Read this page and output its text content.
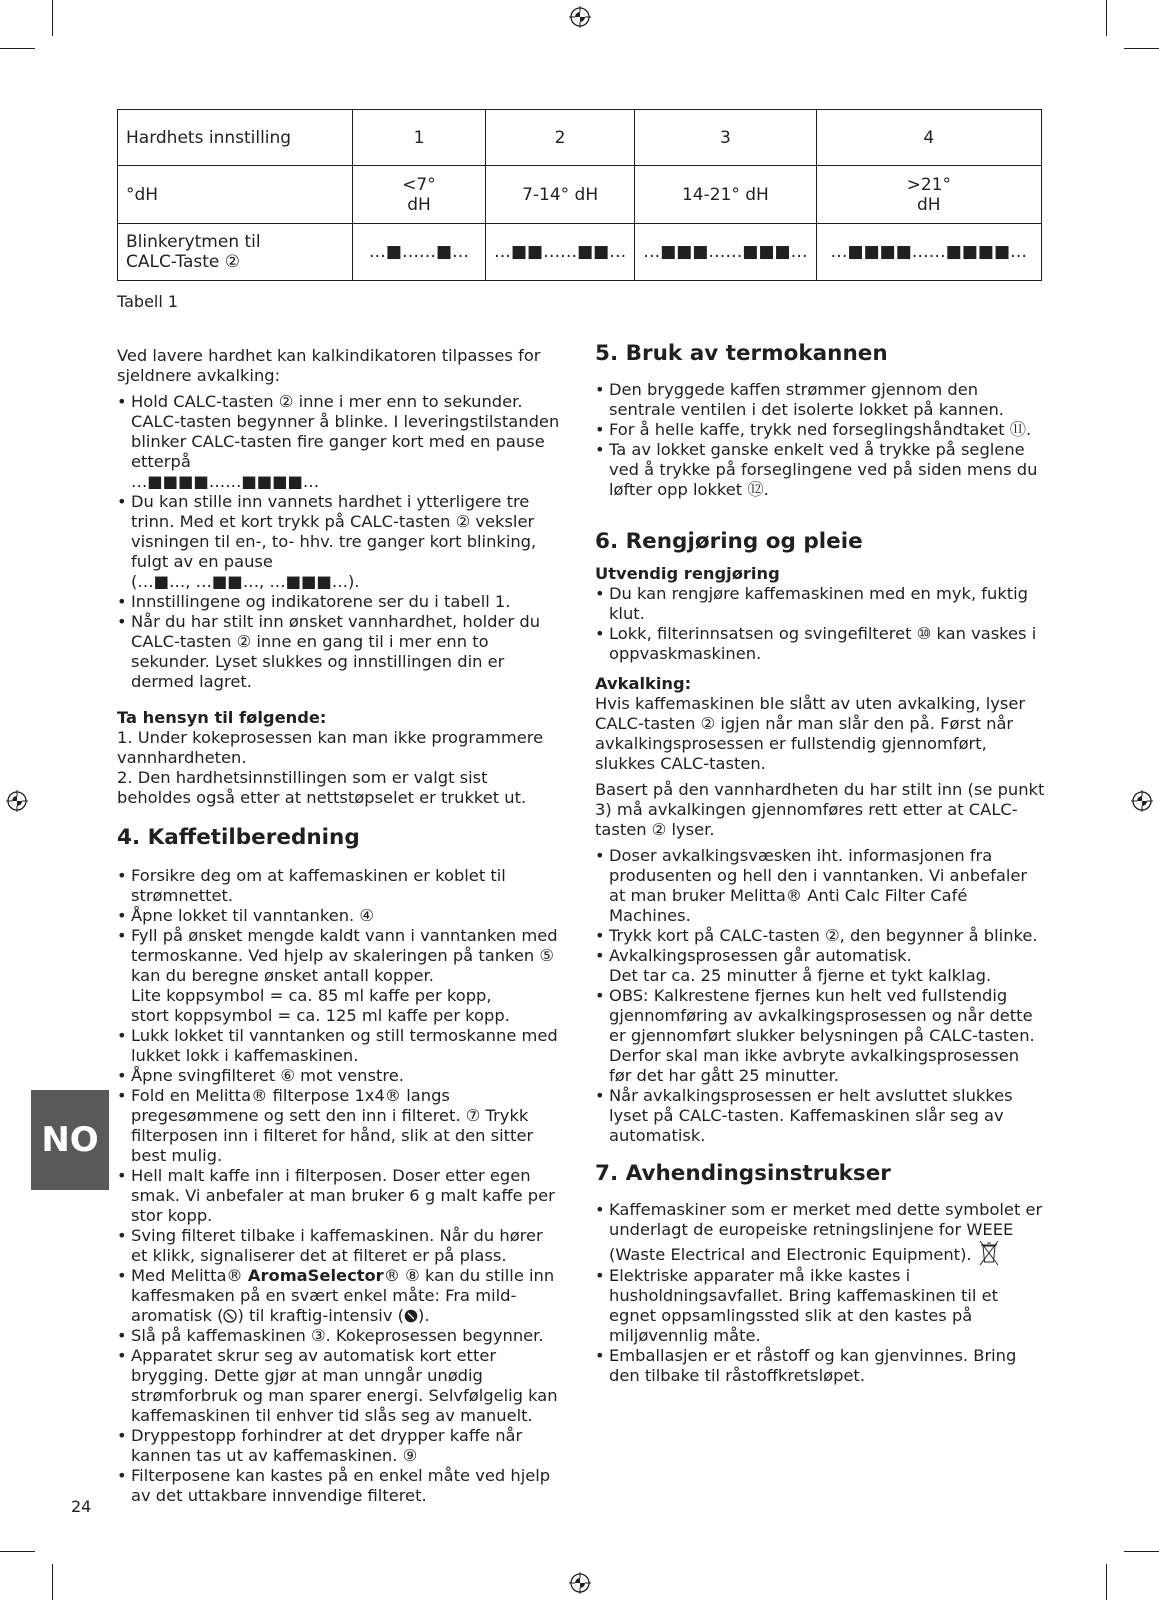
Hardhets innstilling	1	2	3	4
°dH	<7° dH	7-14° dH	14-21° dH	>21° dH
Blinkerytmen til CALC-Taste ②	…■……■…	…■■……■■…	…■■■……■■■…	…■■■■……■■■■…
Tabell 1

Ved lavere hardhet kan kalkindikatoren tilpasses for sjeldnere avkalking:

• Hold CALC-tasten ② inne i mer enn to sekunder. CALC-tasten begynner å blinke. I leveringstilstanden blinker CALC-tasten fire ganger kort med en pause etterpå

…■■■■……■■■■…

• Du kan stille inn vannets hardhet i ytterligere tre trinn. Med et kort trykk på CALC-tasten ② veksler visningen til en-, to- hhv. tre ganger kort blinking, fulgt av en pause

(…■…, …■■…, …■■■…).

• Innstillingene og indikatorene ser du i tabell 1.
• Når du har stilt inn ønsket vannhardhet, holder du CALC-tasten ② inne en gang til i mer enn to sekunder. Lyset slukkes og innstillingen din er dermed lagret.

Ta hensyn til følgende:

1. Under kokeprosessen kan man ikke programmere vannhardheten.
2. Den hardhetsinnstillingen som er valgt sist beholdes også etter at nettstøpselet er trukket ut.

4. Kaffetilberedning

• Forsikre deg om at kaffemaskinen er koblet til strømnettet.
• Åpne lokket til vanntanken. ④
• Fyll på ønsket mengde kaldt vann i vanntanken med termoskanne. Ved hjelp av skaleringen på tanken ⑤ kan du beregne ønsket antall kopper.
Lite koppsymbol = ca. 85 ml kaffe per kopp,
stort koppsymbol = ca. 125 ml kaffe per kopp.
• Lukk lokket til vanntanken og still termoskanne med lukket lokk i kaffemaskinen.
• Åpne svingfilteret ⑥ mot venstre.
• Fold en Melitta® filterpose 1x4® langs pregesømmene og sett den inn i filteret. ⑦ Trykk filterposen inn i filteret for hånd, slik at den sitter best mulig.
• Hell malt kaffe inn i filterposen. Doser etter egen smak. Vi anbefaler at man bruker 6 g malt kaffe per stor kopp.
• Sving filteret tilbake i kaffemaskinen. Når du hører et klikk, signaliserer det at filteret er på plass.
• Med Melitta® AromaSelector® ⑧ kan du stille inn kaffesmaken på en svært enkel måte: Fra mild-aromatisk ( ) til kraftig-intensiv ( ).
• Slå på kaffemaskinen ③. Kokeprosessen begynner.
• Apparatet skrur seg av automatisk kort etter brygging. Dette gjør at man unngår unødig strømforbruk og man sparer energi. Selvfølgelig kan kaffemaskinen til enhver tid slås seg av manuelt.
• Dryppestopp forhindrer at det drypper kaffe når kannen tas ut av kaffemaskinen. ⑨
• Filterposene kan kastes på en enkel måte ved hjelp av det uttakbare innvendige filteret.

5. Bruk av termokannen

• Den bryggede kaffen strømmer gjennom den sentrale ventilen i det isolerte lokket på kannen.
• For å helle kaffe, trykk ned forseglingshåndtaket ⑪.
• Ta av lokket ganske enkelt ved å trykke på seglene ved å trykke på forseglingene ved på siden mens du løfter opp lokket ⑫.

6. Rengjøring og pleie

Utvendig rengjøring

• Du kan rengjøre kaffemaskinen med en myk, fuktig klut.
• Lokk, filterinnsatsen og svingefilteret ⑩ kan vaskes i oppvaskmaskinen.

Avkalking:

Hvis kaffemaskinen ble slått av uten avkalking, lyser CALC-tasten ② igjen når man slår den på. Først når avkalkingsprosessen er fullstendig gjennomført, slukkes CALC-tasten.

Basert på den vannhardheten du har stilt inn (se punkt 3) må avkalkingen gjennomføres rett etter at CALC-tasten ② lyser.

• Doser avkalkingsvæsken iht. informasjonen fra produsenten og hell den i vanntanken. Vi anbefaler at man bruker Melitta® Anti Calc Filter Café Machines.
• Trykk kort på CALC-tasten ②, den begynner å blinke.
• Avkalkingsprosessen går automatisk.
Det tar ca. 25 minutter å fjerne et tykt kalklag.
• OBS: Kalkrestene fjernes kun helt ved fullstendig gjennomføring av avkalkingsprosessen og når dette er gjennomført slukker belysningen på CALC-tasten. Derfor skal man ikke avbryte avkalkingsprosessen før det har gått 25 minutter.
• Når avkalkingsprosessen er helt avsluttet slukkes lyset på CALC-tasten. Kaffemaskinen slår seg av automatisk.

7. Avhendingsinstrukser

• Kaffemaskiner som er merket med dette symbolet er underlagt de europeiske retningslinjene for WEEE (Waste Electrical and Electronic Equipment).
• Elektriske apparater må ikke kastes i husholdningsavfallet. Bring kaffemaskinen til et egnet oppsamlingssted slik at den kastes på miljøvennlig måte.
• Emballasjen er et råstoff og kan gjenvinnes. Bring den tilbake til råstoffkretsløpet.
NO
24
